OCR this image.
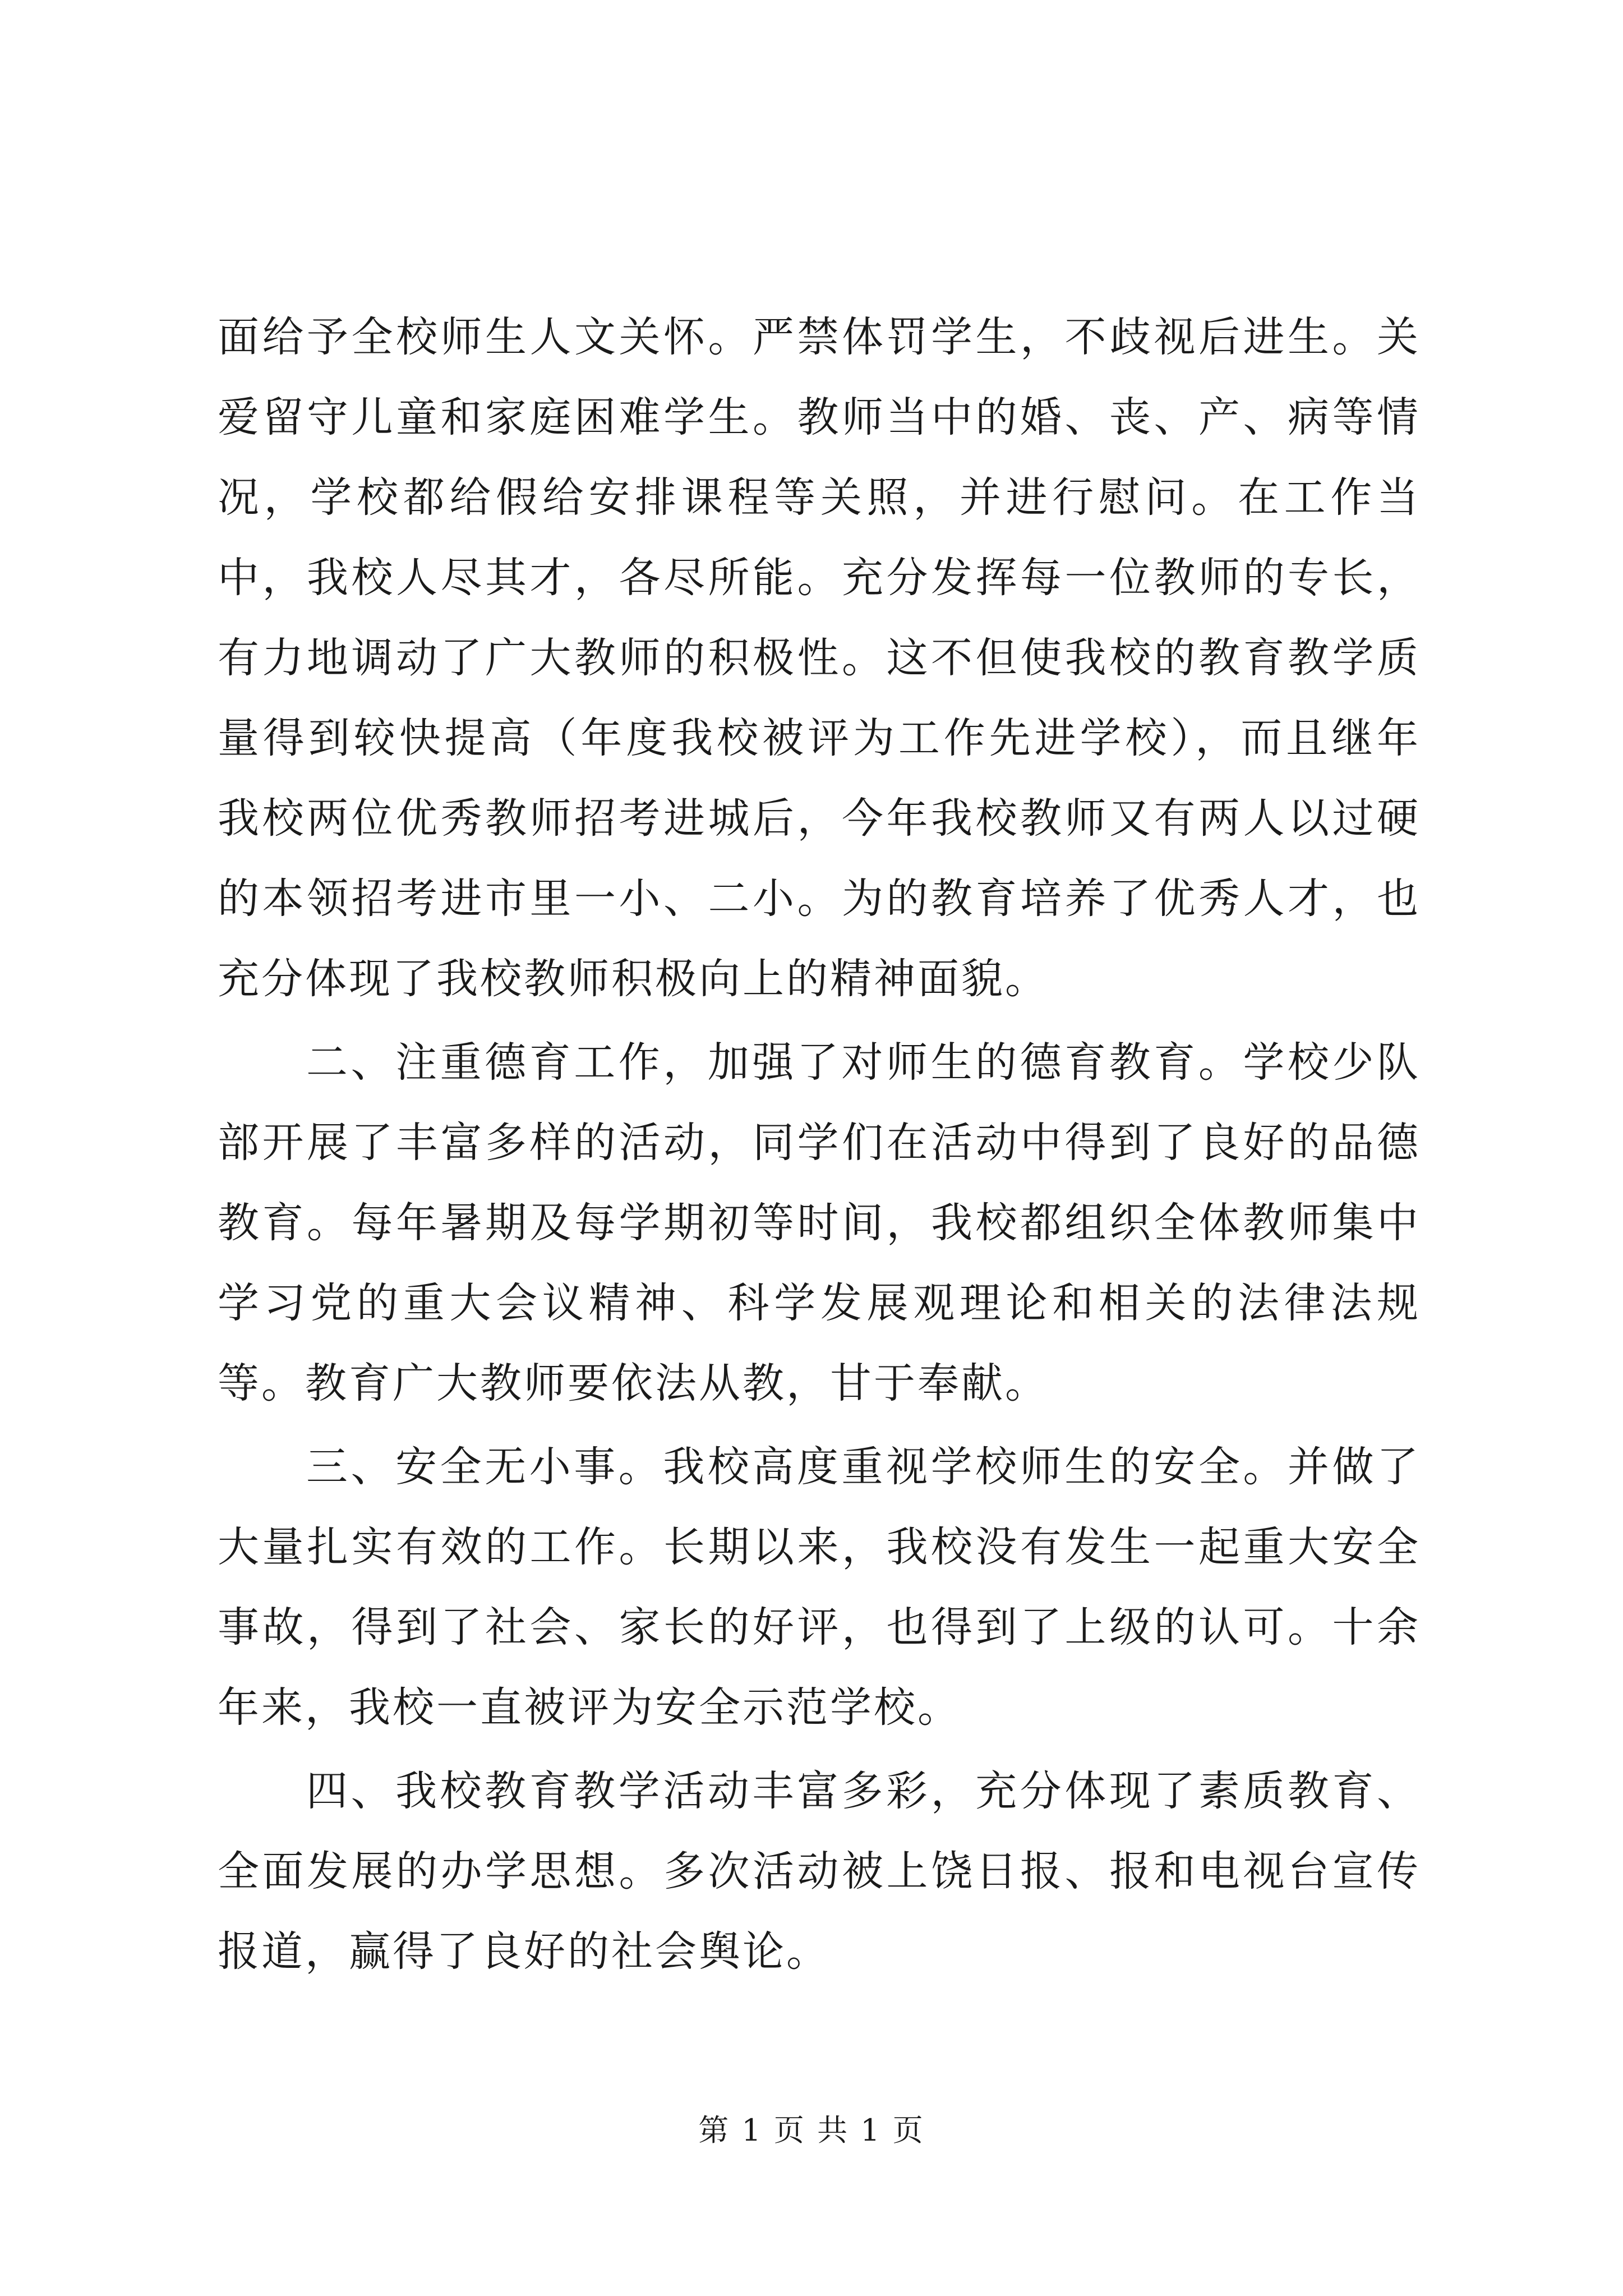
面给予全校师生人文关怀。严禁体罚学生，不歧视后进生。关爱留守儿童和家庭困难学生。教师当中的婚、丧、产、病等情况，学校都给假给安排课程等关照，并进行慰问。在工作当中，我校人尽其才，各尽所能。充分发挥每一位教师的专长，有力地调动了广大教师的积极性。这不但使我校的教育教学质量得到较快提高（年度我校被评为工作先进学校），而且继年我校两位优秀教师招考进城后，今年我校教师又有两人以过硬的本领招考进市里一小、二小。为的教育培养了优秀人才，也充分体现了我校教师积极向上的精神面貌。

二、注重德育工作，加强了对师生的德育教育。学校少队部开展了丰富多样的活动，同学们在活动中得到了良好的品德教育。每年暑期及每学期初等时间，我校都组织全体教师集中学习党的重大会议精神、科学发展观理论和相关的法律法规等。教育广大教师要依法从教，甘于奉献。

三、安全无小事。我校高度重视学校师生的安全。并做了大量扎实有效的工作。长期以来，我校没有发生一起重大安全事故，得到了社会、家长的好评，也得到了上级的认可。十余年来，我校一直被评为安全示范学校。

四、我校教育教学活动丰富多彩，充分体现了素质教育、全面发展的办学思想。多次活动被上饶日报、报和电视台宣传报道，赢得了良好的社会舆论。

第 1 页 共 1 页
